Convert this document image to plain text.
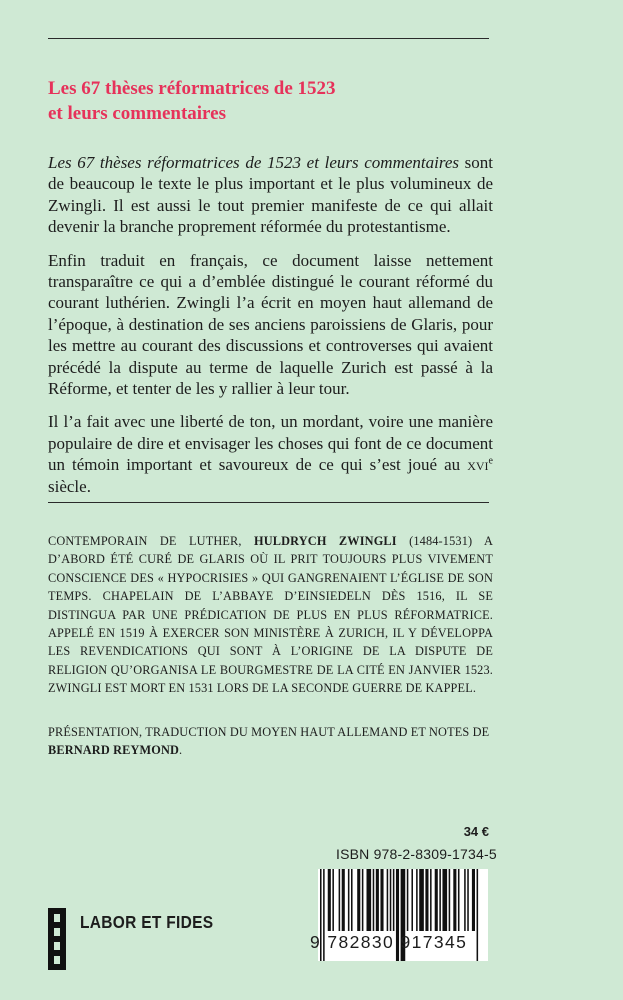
Les 67 thèses réformatrices de 1523
et leurs commentaires

Les 67 thèses réformatrices de 1523 et leurs commentaires sont de beaucoup le texte le plus important et le plus volumineux de Zwingli. Il est aussi le tout premier manifeste de ce qui allait devenir la branche proprement réformée du protestantisme.

Enfin traduit en français, ce document laisse nettement transparaître ce qui a d’emblée distingué le courant réformé du courant luthérien. Zwingli l’a écrit en moyen haut allemand de l’époque, à destination de ses anciens paroissiens de Glaris, pour les mettre au courant des discussions et controverses qui avaient précédé la dispute au terme de laquelle Zurich est passé à la Réforme, et tenter de les y rallier à leur tour.

Il l’a fait avec une liberté de ton, un mordant, voire une manière populaire de dire et envisager les choses qui font de ce document un témoin important et savoureux de ce qui s’est joué au xvi$^e$ siècle.

CONTEMPORAIN DE LUTHER, HULDRYCH ZWINGLI (1484-1531) A D’ABORD ÉTÉ CURÉ DE GLARIS OÙ IL PRIT TOUJOURS PLUS VIVEMENT CONSCIENCE DES « HYPOCRISIES » QUI GANGRENAIENT L’ÉGLISE DE SON TEMPS. CHAPELAIN DE L’ABBAYE D’EINSIEDELN DÈS 1516, IL SE DISTINGUA PAR UNE PRÉDICATION DE PLUS EN PLUS RÉFORMATRICE. APPELÉ EN 1519 À EXERCER SON MINISTÈRE À ZURICH, IL Y DÉVELOPPA LES REVENDICATIONS QUI SONT À L’ORIGINE DE LA DISPUTE DE RELIGION QU’ORGANISA LE BOURGMESTRE DE LA CITÉ EN JANVIER 1523. ZWINGLI EST MORT EN 1531 LORS DE LA SECONDE GUERRE DE KAPPEL.

PRÉSENTATION, TRADUCTION DU MOYEN HAUT ALLEMAND ET NOTES DE BERNARD REYMOND.

34 €
ISBN 978-2-8309-1734-5
9 782830 917345
LABOR ET FIDES
